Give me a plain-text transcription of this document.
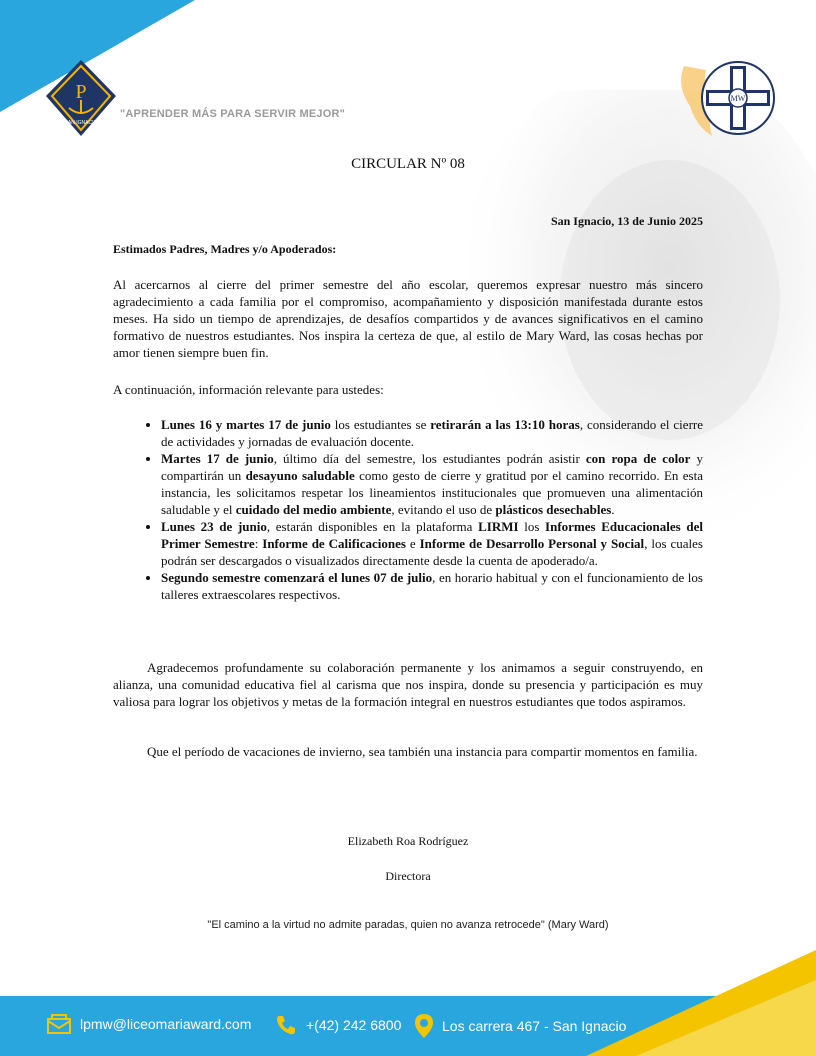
P
SAN IGNACIO
"APRENDER MÁS PARA SERVIR MEJOR"
MW
CIRCULAR Nº 08
San Ignacio, 13 de Junio 2025
Estimados Padres, Madres y/o Apoderados:
Al acercarnos al cierre del primer semestre del año escolar, queremos expresar nuestro más sincero agradecimiento a cada familia por el compromiso, acompañamiento y disposición manifestada durante estos meses. Ha sido un tiempo de aprendizajes, de desafíos compartidos y de avances significativos en el camino formativo de nuestros estudiantes. Nos inspira la certeza de que, al estilo de Mary Ward, las cosas hechas por amor tienen siempre buen fin.
A continuación, información relevante para ustedes:
• Lunes 16 y martes 17 de junio los estudiantes se retirarán a las 13:10 horas, considerando el cierre de actividades y jornadas de evaluación docente.
• Martes 17 de junio, último día del semestre, los estudiantes podrán asistir con ropa de color y compartirán un desayuno saludable como gesto de cierre y gratitud por el camino recorrido. En esta instancia, les solicitamos respetar los lineamientos institucionales que promueven una alimentación saludable y el cuidado del medio ambiente, evitando el uso de plásticos desechables.
• Lunes 23 de junio, estarán disponibles en la plataforma LIRMI los Informes Educacionales del Primer Semestre: Informe de Calificaciones e Informe de Desarrollo Personal y Social, los cuales podrán ser descargados o visualizados directamente desde la cuenta de apoderado/a.
• Segundo semestre comenzará el lunes 07 de julio, en horario habitual y con el funcionamiento de los talleres extraescolares respectivos.
Agradecemos profundamente su colaboración permanente y los animamos a seguir construyendo, en alianza, una comunidad educativa fiel al carisma que nos inspira, donde su presencia y participación es muy valiosa para lograr los objetivos y metas de la formación integral en nuestros estudiantes que todos aspiramos.
Que el período de vacaciones de invierno, sea también una instancia para compartir momentos en familia.
Elizabeth Roa Rodríguez
Directora
"El camino a la virtud no admite paradas, quien no avanza retrocede" (Mary Ward)
lpmw@liceomariaward.com	+(42) 242 6800	Los carrera 467 - San Ignacio
